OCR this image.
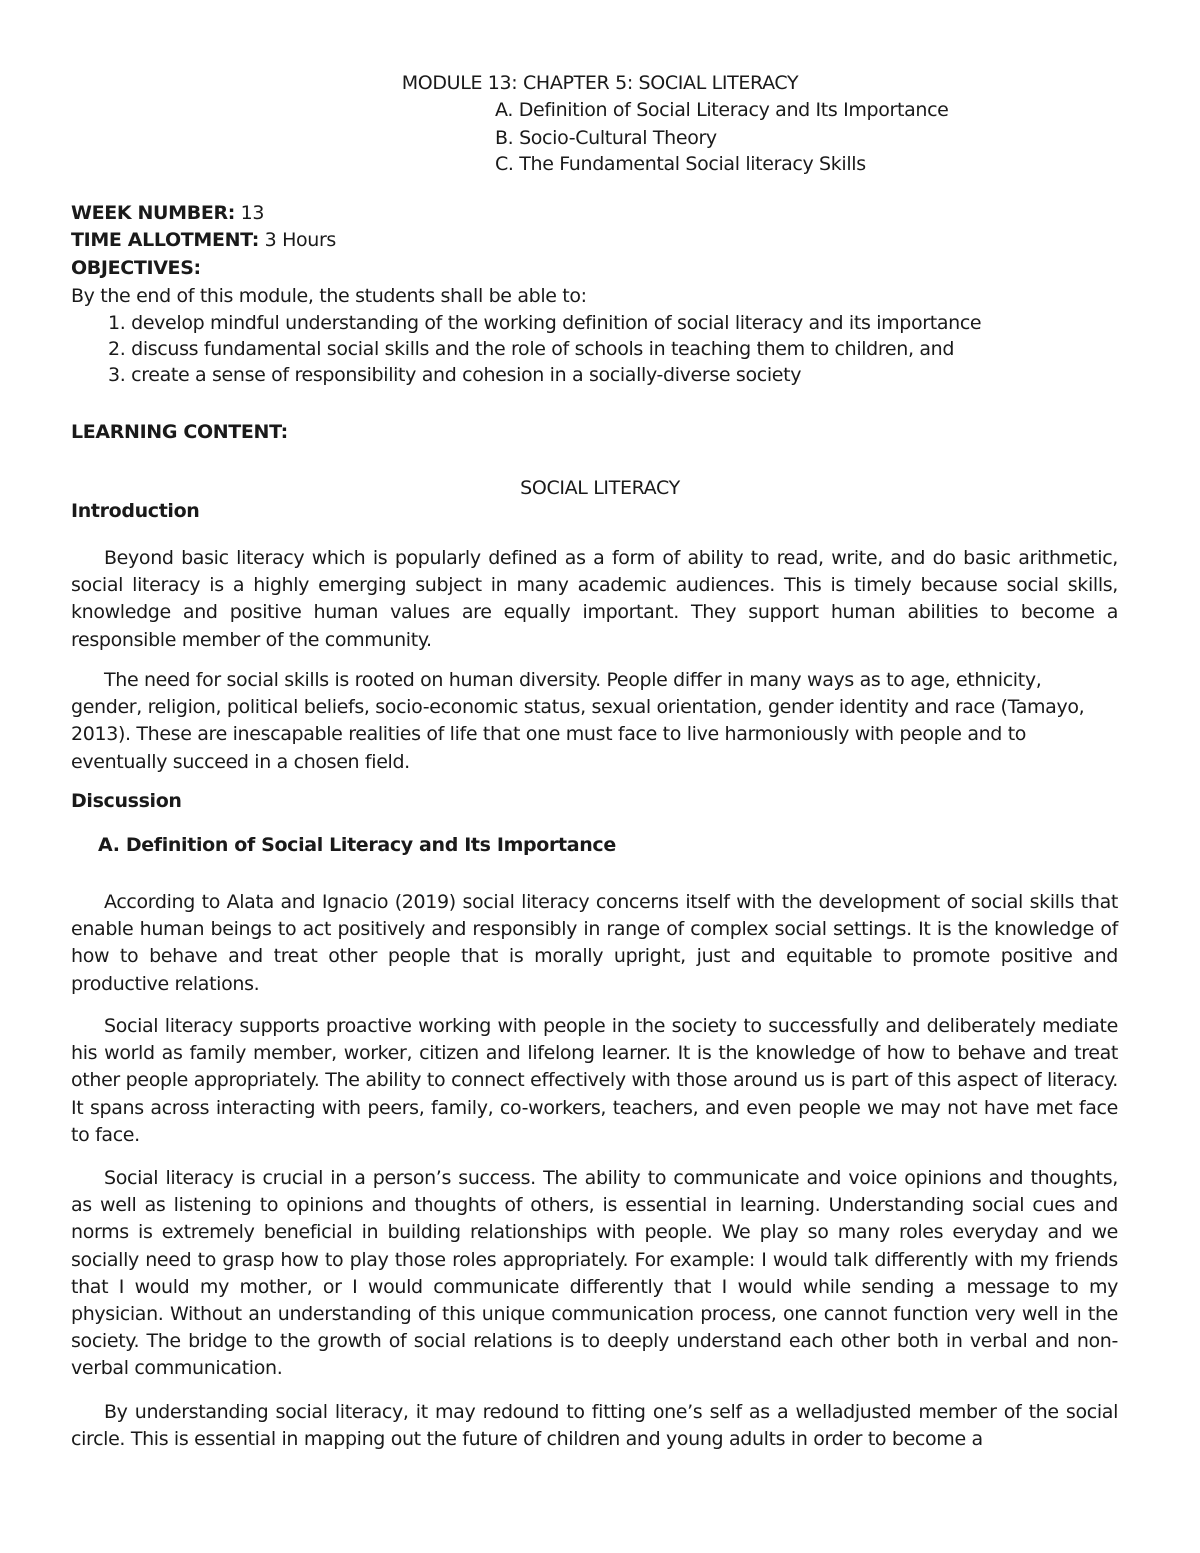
MODULE 13: CHAPTER 5: SOCIAL LITERACY
A. Definition of Social Literacy and Its Importance
B. Socio-Cultural Theory
C. The Fundamental Social literacy Skills
WEEK NUMBER: 13
TIME ALLOTMENT: 3 Hours
OBJECTIVES:
By the end of this module, the students shall be able to:
1. develop mindful understanding of the working definition of social literacy and its importance
2. discuss fundamental social skills and the role of schools in teaching them to children, and
3. create a sense of responsibility and cohesion in a socially-diverse society
LEARNING CONTENT:
SOCIAL LITERACY
Introduction

Beyond basic literacy which is popularly defined as a form of ability to read, write, and do basic arithmetic, social literacy is a highly emerging subject in many academic audiences. This is timely because social skills, knowledge and positive human values are equally important. They support human abilities to become a responsible member of the community.

The need for social skills is rooted on human diversity. People differ in many ways as to age, ethnicity, gender, religion, political beliefs, socio-economic status, sexual orientation, gender identity and race (Tamayo, 2013). These are inescapable realities of life that one must face to live harmoniously with people and to eventually succeed in a chosen field.

Discussion
A. Definition of Social Literacy and Its Importance

According to Alata and Ignacio (2019) social literacy concerns itself with the development of social skills that enable human beings to act positively and responsibly in range of complex social settings. It is the knowledge of how to behave and treat other people that is morally upright, just and equitable to promote positive and productive relations.

Social literacy supports proactive working with people in the society to successfully and deliberately mediate his world as family member, worker, citizen and lifelong learner. It is the knowledge of how to behave and treat other people appropriately. The ability to connect effectively with those around us is part of this aspect of literacy. It spans across interacting with peers, family, co-workers, teachers, and even people we may not have met face to face.

Social literacy is crucial in a person’s success. The ability to communicate and voice opinions and thoughts, as well as listening to opinions and thoughts of others, is essential in learning. Understanding social cues and norms is extremely beneficial in building relationships with people. We play so many roles everyday and we socially need to grasp how to play those roles appropriately. For example: I would talk differently with my friends that I would my mother, or I would communicate differently that I would while sending a message to my physician. Without an understanding of this unique communication process, one cannot function very well in the society. The bridge to the growth of social relations is to deeply understand each other both in verbal and non-verbal communication.

By understanding social literacy, it may redound to fitting one’s self as a welladjusted member of the social circle. This is essential in mapping out the future of children and young adults in order to become a
